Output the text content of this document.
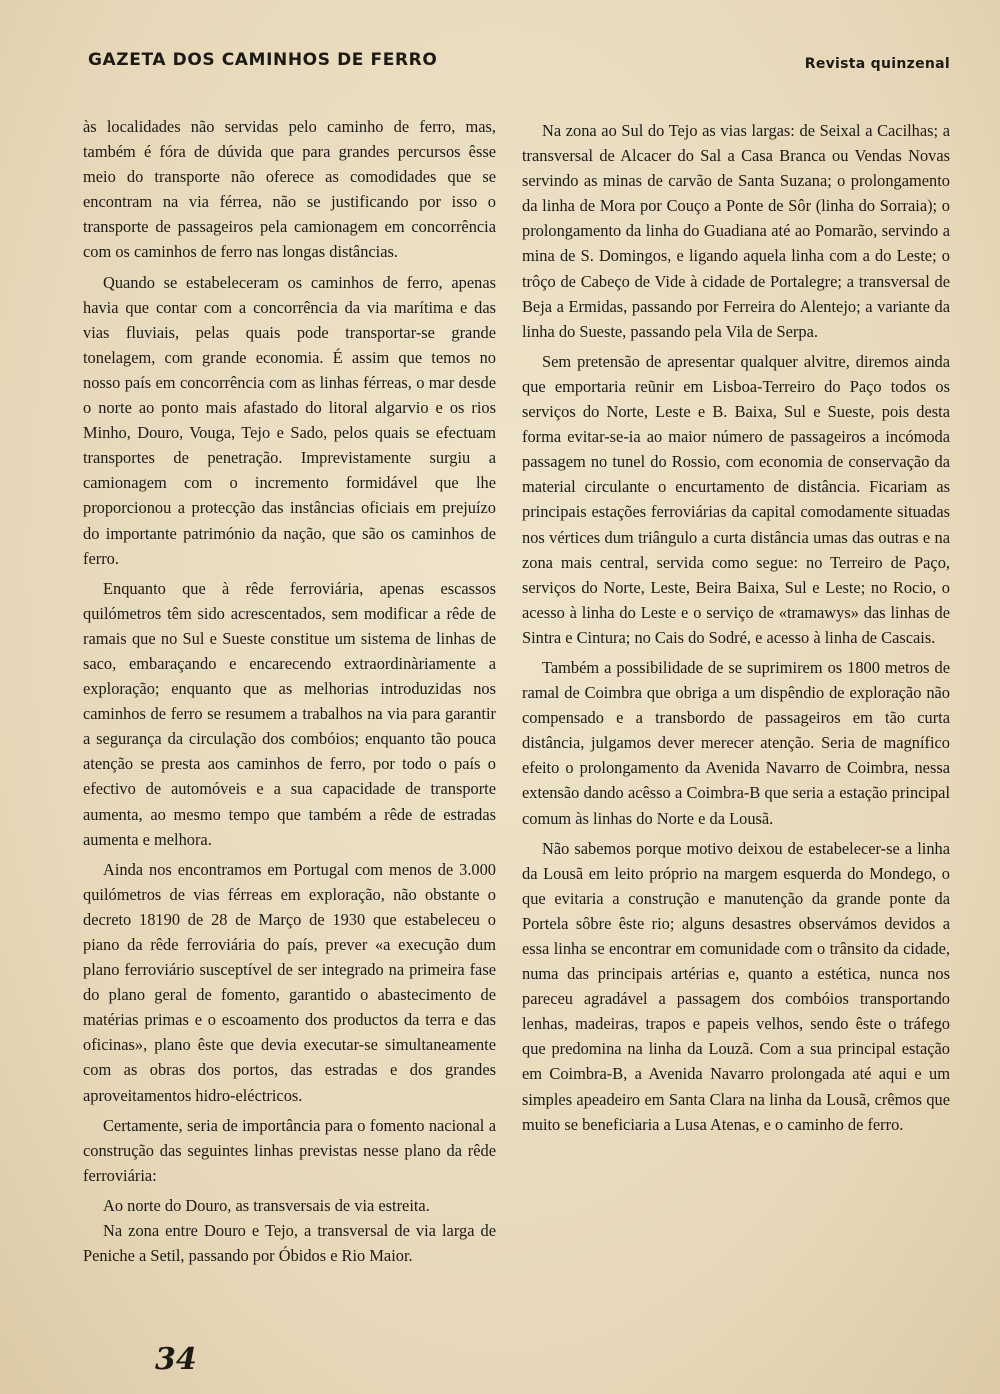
GAZETA DOS CAMINHOS DE FERRO	Revista quinzenal

às localidades não servidas pelo caminho de ferro, mas, também é fóra de dúvida que para grandes percursos êsse meio do transporte não oferece as comodidades que se encontram na via férrea, não se justificando por isso o transporte de passageiros pela camionagem em concorrência com os caminhos de ferro nas longas distâncias.

Quando se estabeleceram os caminhos de ferro, apenas havia que contar com a concorrência da via marítima e das vias fluviais, pelas quais pode transportar-se grande tonelagem, com grande economia. É assim que temos no nosso país em concorrência com as linhas férreas, o mar desde o norte ao ponto mais afastado do litoral algarvio e os rios Minho, Douro, Vouga, Tejo e Sado, pelos quais se efectuam transportes de penetração. Imprevistamente surgiu a camionagem com o incremento formidável que lhe proporcionou a protecção das instâncias oficiais em prejuízo do importante património da nação, que são os caminhos de ferro.

Enquanto que à rêde ferroviária, apenas escassos quilómetros têm sido acrescentados, sem modificar a rêde de ramais que no Sul e Sueste constitue um sistema de linhas de saco, embaraçando e encarecendo extraordinàriamente a exploração; enquanto que as melhorias introduzidas nos caminhos de ferro se resumem a trabalhos na via para garantir a segurança da circulação dos combóios; enquanto tão pouca atenção se presta aos caminhos de ferro, por todo o país o efectivo de automóveis e a sua capacidade de transporte aumenta, ao mesmo tempo que também a rêde de estradas aumenta e melhora.

Ainda nos encontramos em Portugal com menos de 3.000 quilómetros de vias férreas em exploração, não obstante o decreto 18190 de 28 de Março de 1930 que estabeleceu o piano da rêde ferroviária do país, prever «a execução dum plano ferroviário susceptível de ser integrado na primeira fase do plano geral de fomento, garantido o abastecimento de matérias primas e o escoamento dos productos da terra e das oficinas», plano êste que devia executar-se simultaneamente com as obras dos portos, das estradas e dos grandes aproveitamentos hidro-eléctricos.

Certamente, seria de importância para o fomento nacional a construção das seguintes linhas previstas nesse plano da rêde ferroviária:

Ao norte do Douro, as transversais de via estreita.

Na zona entre Douro e Tejo, a transversal de via larga de Peniche a Setil, passando por Óbidos e Rio Maior.

Na zona ao Sul do Tejo as vias largas: de Seixal a Cacilhas; a transversal de Alcacer do Sal a Casa Branca ou Vendas Novas servindo as minas de carvão de Santa Suzana; o prolongamento da linha de Mora por Couço a Ponte de Sôr (linha do Sorraia); o prolongamento da linha do Guadiana até ao Pomarão, servindo a mina de S. Domingos, e ligando aquela linha com a do Leste; o trôço de Cabeço de Vide à cidade de Portalegre; a transversal de Beja a Ermidas, passando por Ferreira do Alentejo; a variante da linha do Sueste, passando pela Vila de Serpa.

Sem pretensão de apresentar qualquer alvitre, diremos ainda que emportaria reũnir em Lisboa-Terreiro do Paço todos os serviços do Norte, Leste e B. Baixa, Sul e Sueste, pois desta forma evitar-se-ia ao maior número de passageiros a incómoda passagem no tunel do Rossio, com economia de conservação da material circulante o encurtamento de distância. Ficariam as principais estações ferroviárias da capital comodamente situadas nos vértices dum triângulo a curta distância umas das outras e na zona mais central, servida como segue: no Terreiro de Paço, serviços do Norte, Leste, Beira Baixa, Sul e Leste; no Rocio, o acesso à linha do Leste e o serviço de «tramawys» das linhas de Sintra e Cintura; no Cais do Sodré, e acesso à linha de Cascais.

Também a possibilidade de se suprimirem os 1800 metros de ramal de Coimbra que obriga a um dispêndio de exploração não compensado e a transbordo de passageiros em tão curta distância, julgamos dever merecer atenção. Seria de magnífico efeito o prolongamento da Avenida Navarro de Coimbra, nessa extensão dando acêsso a Coimbra-B que seria a estação principal comum às linhas do Norte e da Lousã.

Não sabemos porque motivo deixou de estabelecer-se a linha da Lousã em leito próprio na margem esquerda do Mondego, o que evitaria a construção e manutenção da grande ponte da Portela sôbre êste rio; alguns desastres observámos devidos a essa linha se encontrar em comunidade com o trânsito da cidade, numa das principais artérias e, quanto a estética, nunca nos pareceu agradável a passagem dos combóios transportando lenhas, madeiras, trapos e papeis velhos, sendo êste o tráfego que predomina na linha da Louzã. Com a sua principal estação em Coimbra-B, a Avenida Navarro prolongada até aqui e um simples apeadeiro em Santa Clara na linha da Lousã, crêmos que muito se beneficiaria a Lusa Atenas, e o caminho de ferro.

34
